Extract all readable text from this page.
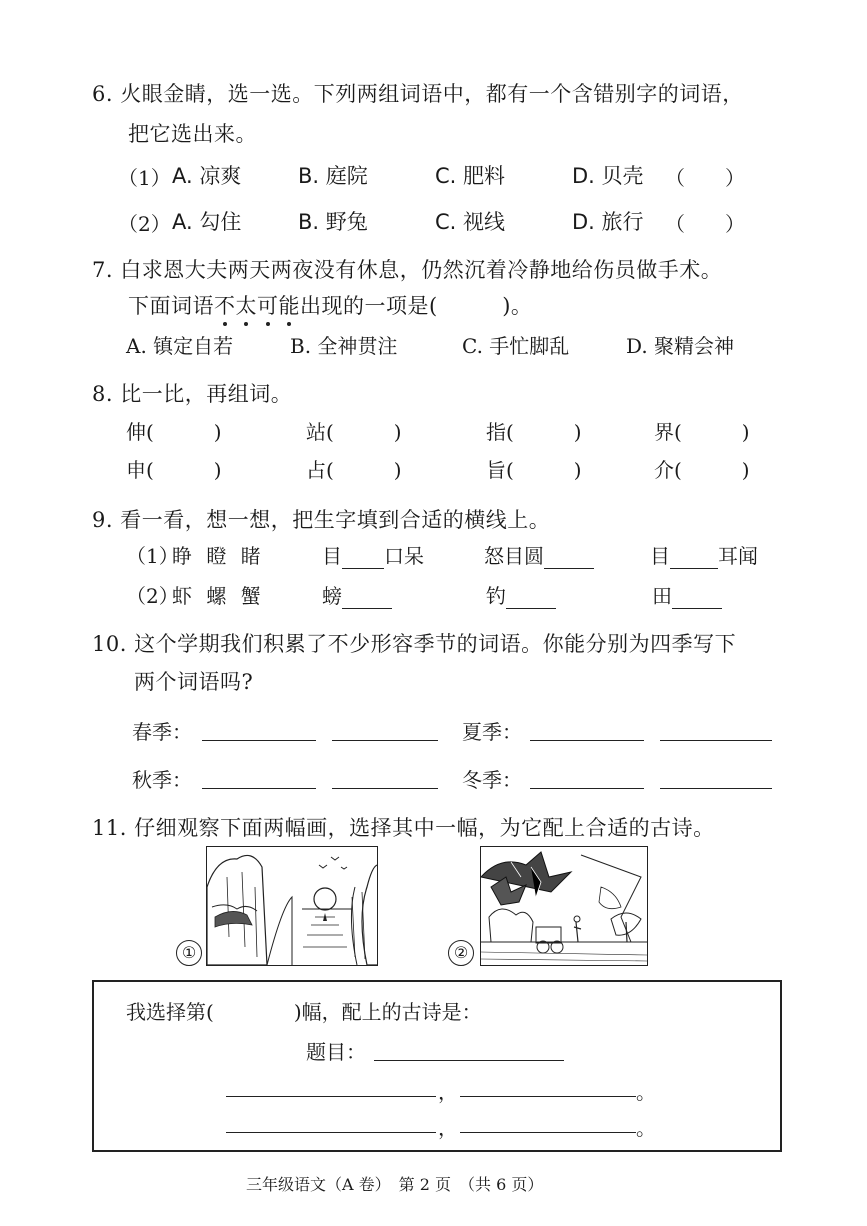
6. 火眼金睛，选一选。下列两组词语中，都有一个含错别字的词语，
把它选出来。
（1） A. 凉爽	B. 庭院	C. 肥料	D. 贝壳 （　　）
（2） A. 勾住	B. 野兔	C. 视线	D. 旅行 （　　）
7. 白求恩大夫两天两夜没有休息，仍然沉着冷静地给伤员做手术。
下面词语不太可能出现的一项是(　　　)。
A. 镇定自若	B. 全神贯注	C. 手忙脚乱	D. 聚精会神
8. 比一比，再组词。
伸(　　　)	站(　　　)	指(　　　)	界(　　　)
申(　　　)	占(　　　)	旨(　　　)	介(　　　)
9. 看一看，想一想，把生字填到合适的横线上。
（1）
睁 瞪 睹	目 口呆	怒目圆	目 耳闻
（2）
虾 螺 蟹	螃	钓	田
10. 这个学期我们积累了不少形容季节的词语。你能分别为四季写下
两个词语吗?
春季：	夏季：
秋季：	冬季：
11. 仔细观察下面两幅画，选择其中一幅，为它配上合适的古诗。
①	②
我选择第(	)幅，配上的古诗是：
题目：
，	。
，	。
三年级语文（A 卷）　第 2 页　（共 6 页）
